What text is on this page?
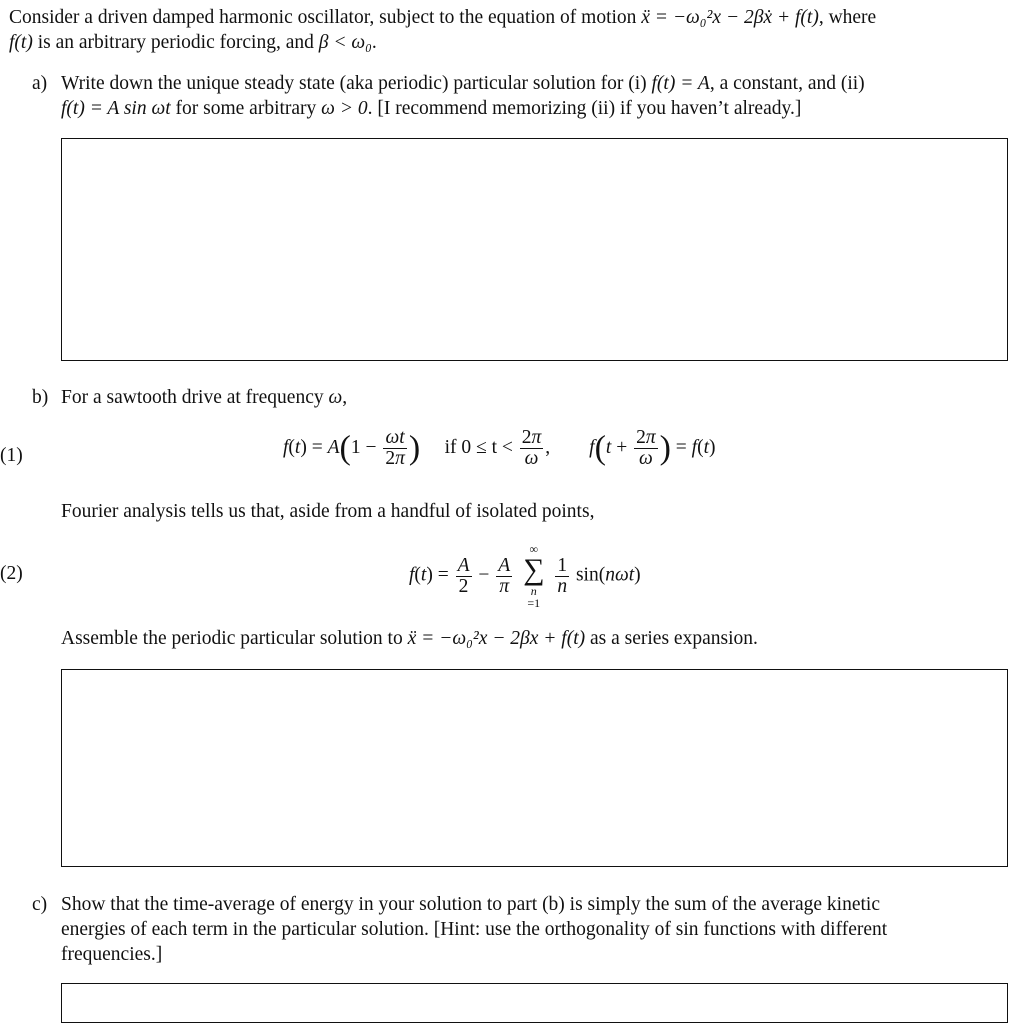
Consider a driven damped harmonic oscillator, subject to the equation of motion ẍ = −ω₀²x − 2βẋ + f(t), where
f(t) is an arbitrary periodic forcing, and β < ω₀.
a) Write down the unique steady state (aka periodic) particular solution for (i) f(t) = A, a constant, and (ii)
f(t) = A sin ωt for some arbitrary ω > 0. [I recommend memorizing (ii) if you haven’t already.]
b) For a sawtooth drive at frequency ω,
$f(t) = A(1 - \frac{\omega t}{2\pi}$ ) if $0 \le t < \frac{2\pi}{\omega}$ ,        $f(t + \frac{2\pi}{\omega}$ ) = f(t)
(1)
Fourier analysis tells us that, aside from a handful of isolated points,
$f(t) = \frac{A}{2} - \frac{A}{\pi}$

∞
∑
n
=1

$\frac{1}{n} \sin(n\omega t)$
(2)
Assemble the periodic particular solution to ẍ = −ω₀²x − 2βx + f(t) as a series expansion.
c) Show that the time-average of energy in your solution to part (b) is simply the sum of the average kinetic
energies of each term in the particular solution. [Hint: use the orthogonality of sin functions with different
frequencies.]
